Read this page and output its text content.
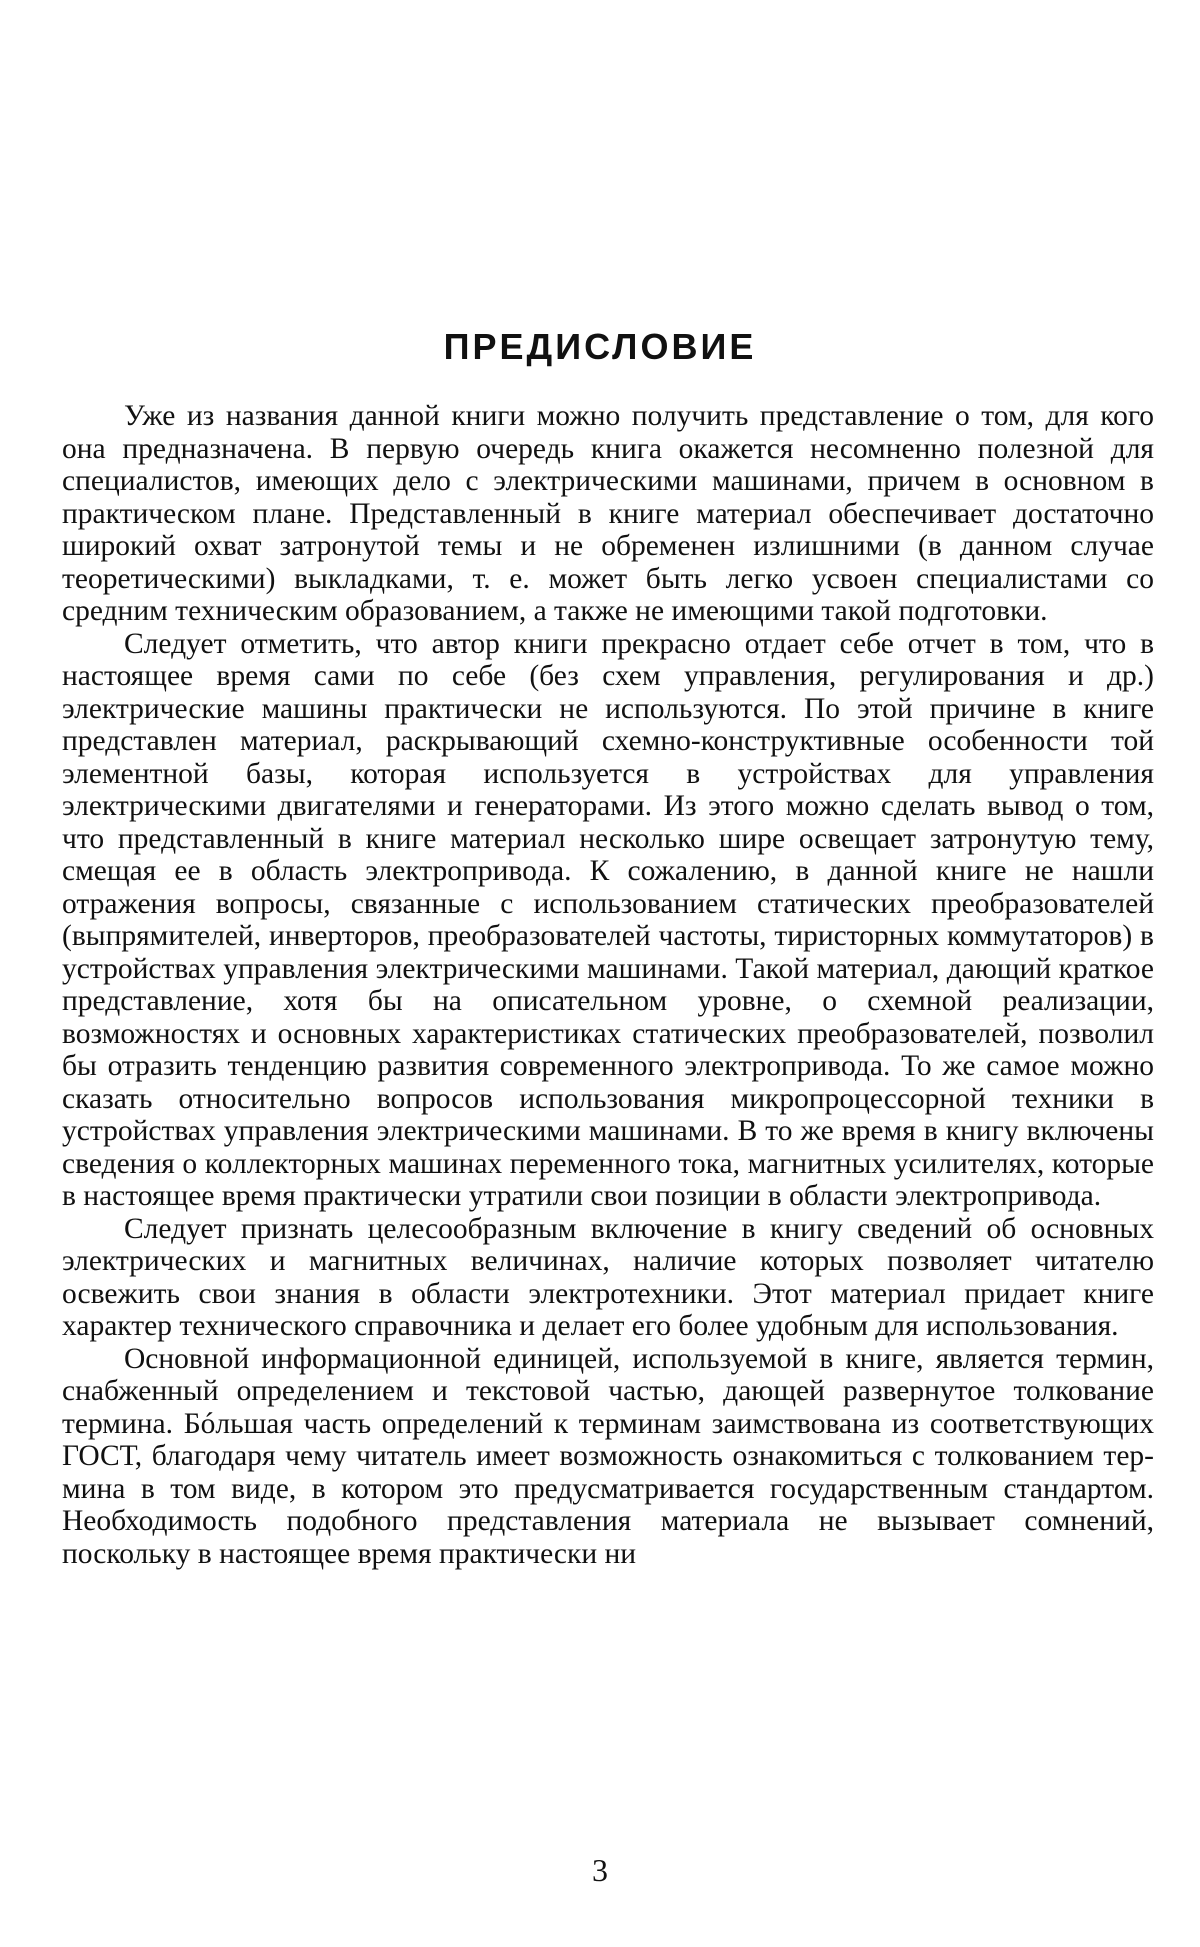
ПРЕДИСЛОВИЕ

Уже из названия данной книги можно получить представление о том, для кого она предназначена. В первую очередь книга окажется несомненно полезной для специалистов, имеющих дело с электрическими машинами, причем в основном в практическом плане. Представленный в книге материал обеспечивает достаточно широкий охват затронутой темы и не обременен излишними (в данном случае теоретическими) выкладками, т. е. может быть легко усвоен специалистами со средним техническим образованием, а также не имеющими такой подготовки.

Следует отметить, что автор книги прекрасно отдает себе отчет в том, что в настоящее время сами по себе (без схем управления, регулирования и др.) электрические машины практически не используются. По этой причине в книге представлен материал, раскрывающий схемно-конструктивные особенности той элементной базы, которая используется в устройствах для управления электрическими двигателями и генераторами. Из этого можно сделать вывод о том, что представленный в книге материал несколько шире освещает затронутую тему, смещая ее в область электропривода. К сожалению, в данной книге не нашли отражения вопросы, связанные с использованием статических преобразователей (выпрямителей, инверторов, преобразователей частоты, тиристорных коммутаторов) в устройствах управления электрическими машинами. Такой материал, дающий краткое представление, хотя бы на описательном уровне, о схемной реализации, возможностях и основных характеристиках статических преобразователей, позволил бы отразить тенденцию развития современного электропривода. То же самое можно сказать относительно вопросов использования микропроцессорной техники в устройствах управления электрическими машинами. В то же время в книгу включены сведения о коллекторных машинах переменного тока, магнитных усилителях, которые в настоящее время практически утратили свои позиции в области электропривода.

Следует признать целесообразным включение в книгу сведений об основных электрических и магнитных величинах, наличие которых позволяет читателю освежить свои знания в области электротехники. Этот материал придает книге характер технического справочника и делает его более удобным для использования.

Основной информационной единицей, используемой в книге, является термин, снабженный определением и текстовой частью, дающей развернутое толкование термина. Бóльшая часть определений к терминам заимствована из соответствующих ГОСТ, благодаря чему читатель имеет возможность ознакомиться с толкованием термина в том виде, в котором это предусматривается государственным стандартом. Необходимость подобного представления материала не вызывает сомнений, поскольку в настоящее время практически ни

3
